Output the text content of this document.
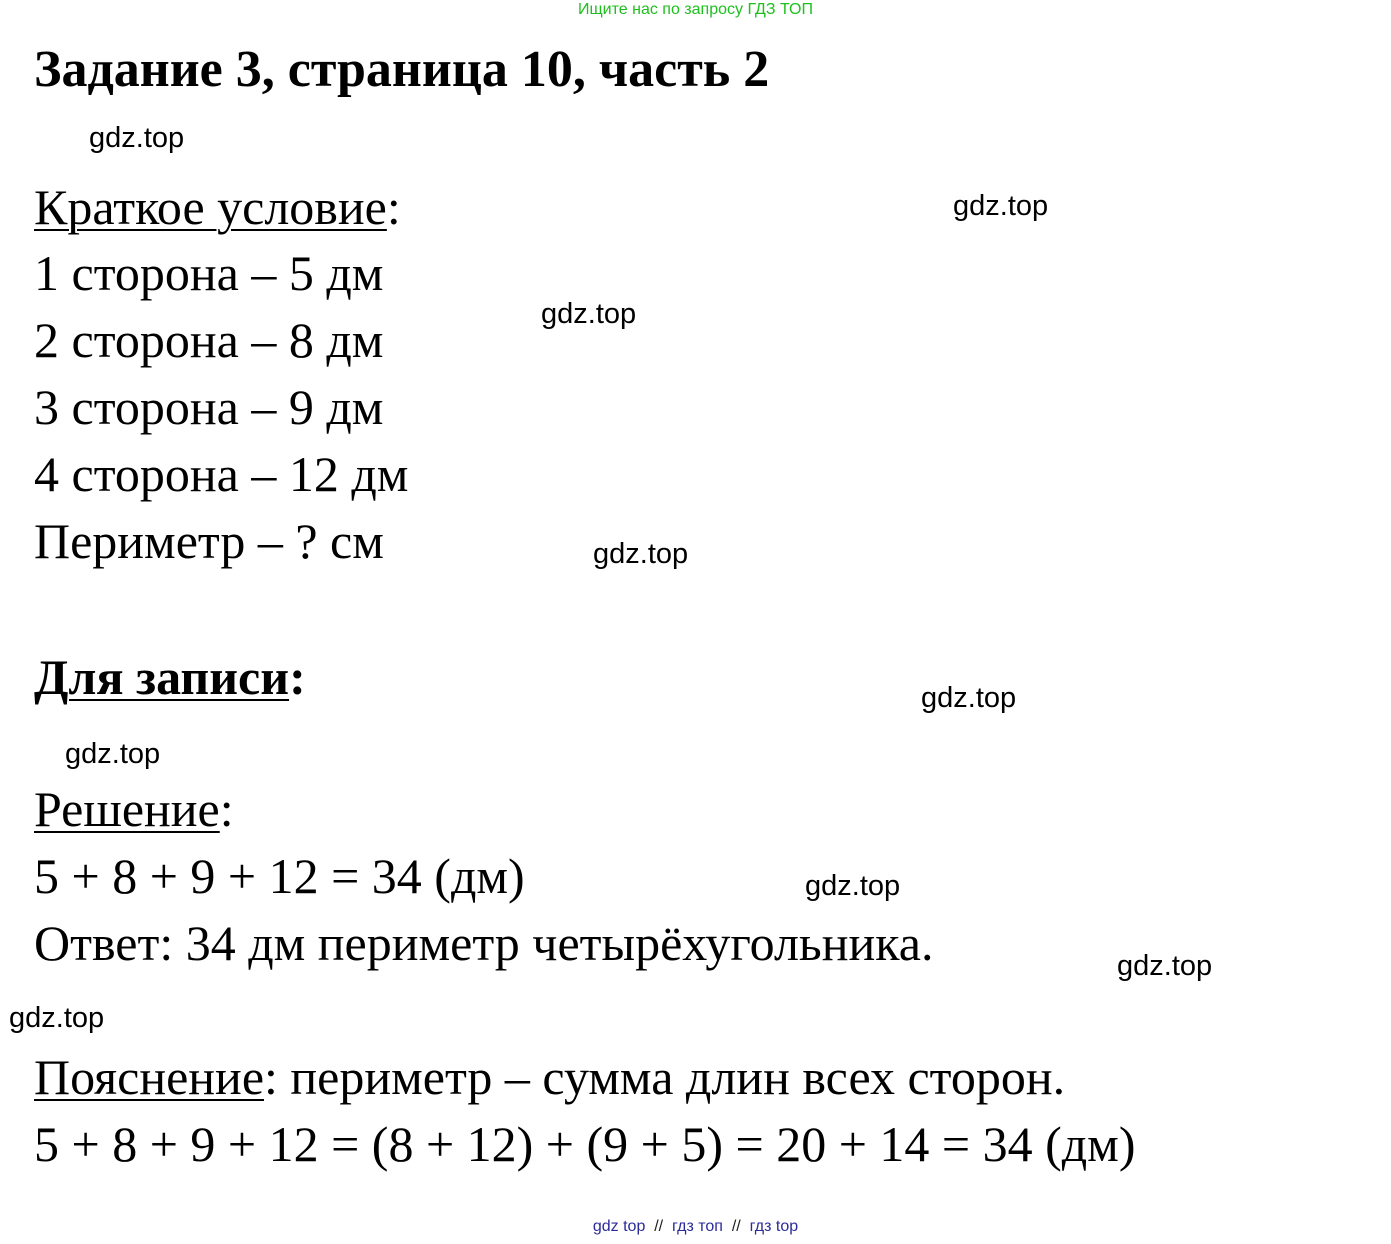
Ищите нас по запросу ГДЗ ТОП
Задание 3, страница 10, часть 2
gdz.top
gdz.top
gdz.top
gdz.top
gdz.top
gdz.top
gdz.top
gdz.top
gdz.top
Краткое условие:
1 сторона – 5 дм
2 сторона – 8 дм
3 сторона – 9 дм
4 сторона – 12 дм
Периметр – ? см
Для записи:
Решение:
5 + 8 + 9 + 12 = 34 (дм)
Ответ: 34 дм периметр четырёхугольника.
Пояснение: периметр – сумма длин всех сторон.
5 + 8 + 9 + 12 = (8 + 12) + (9 + 5) = 20 + 14 = 34 (дм)
gdz top // гдз топ // гдз top
